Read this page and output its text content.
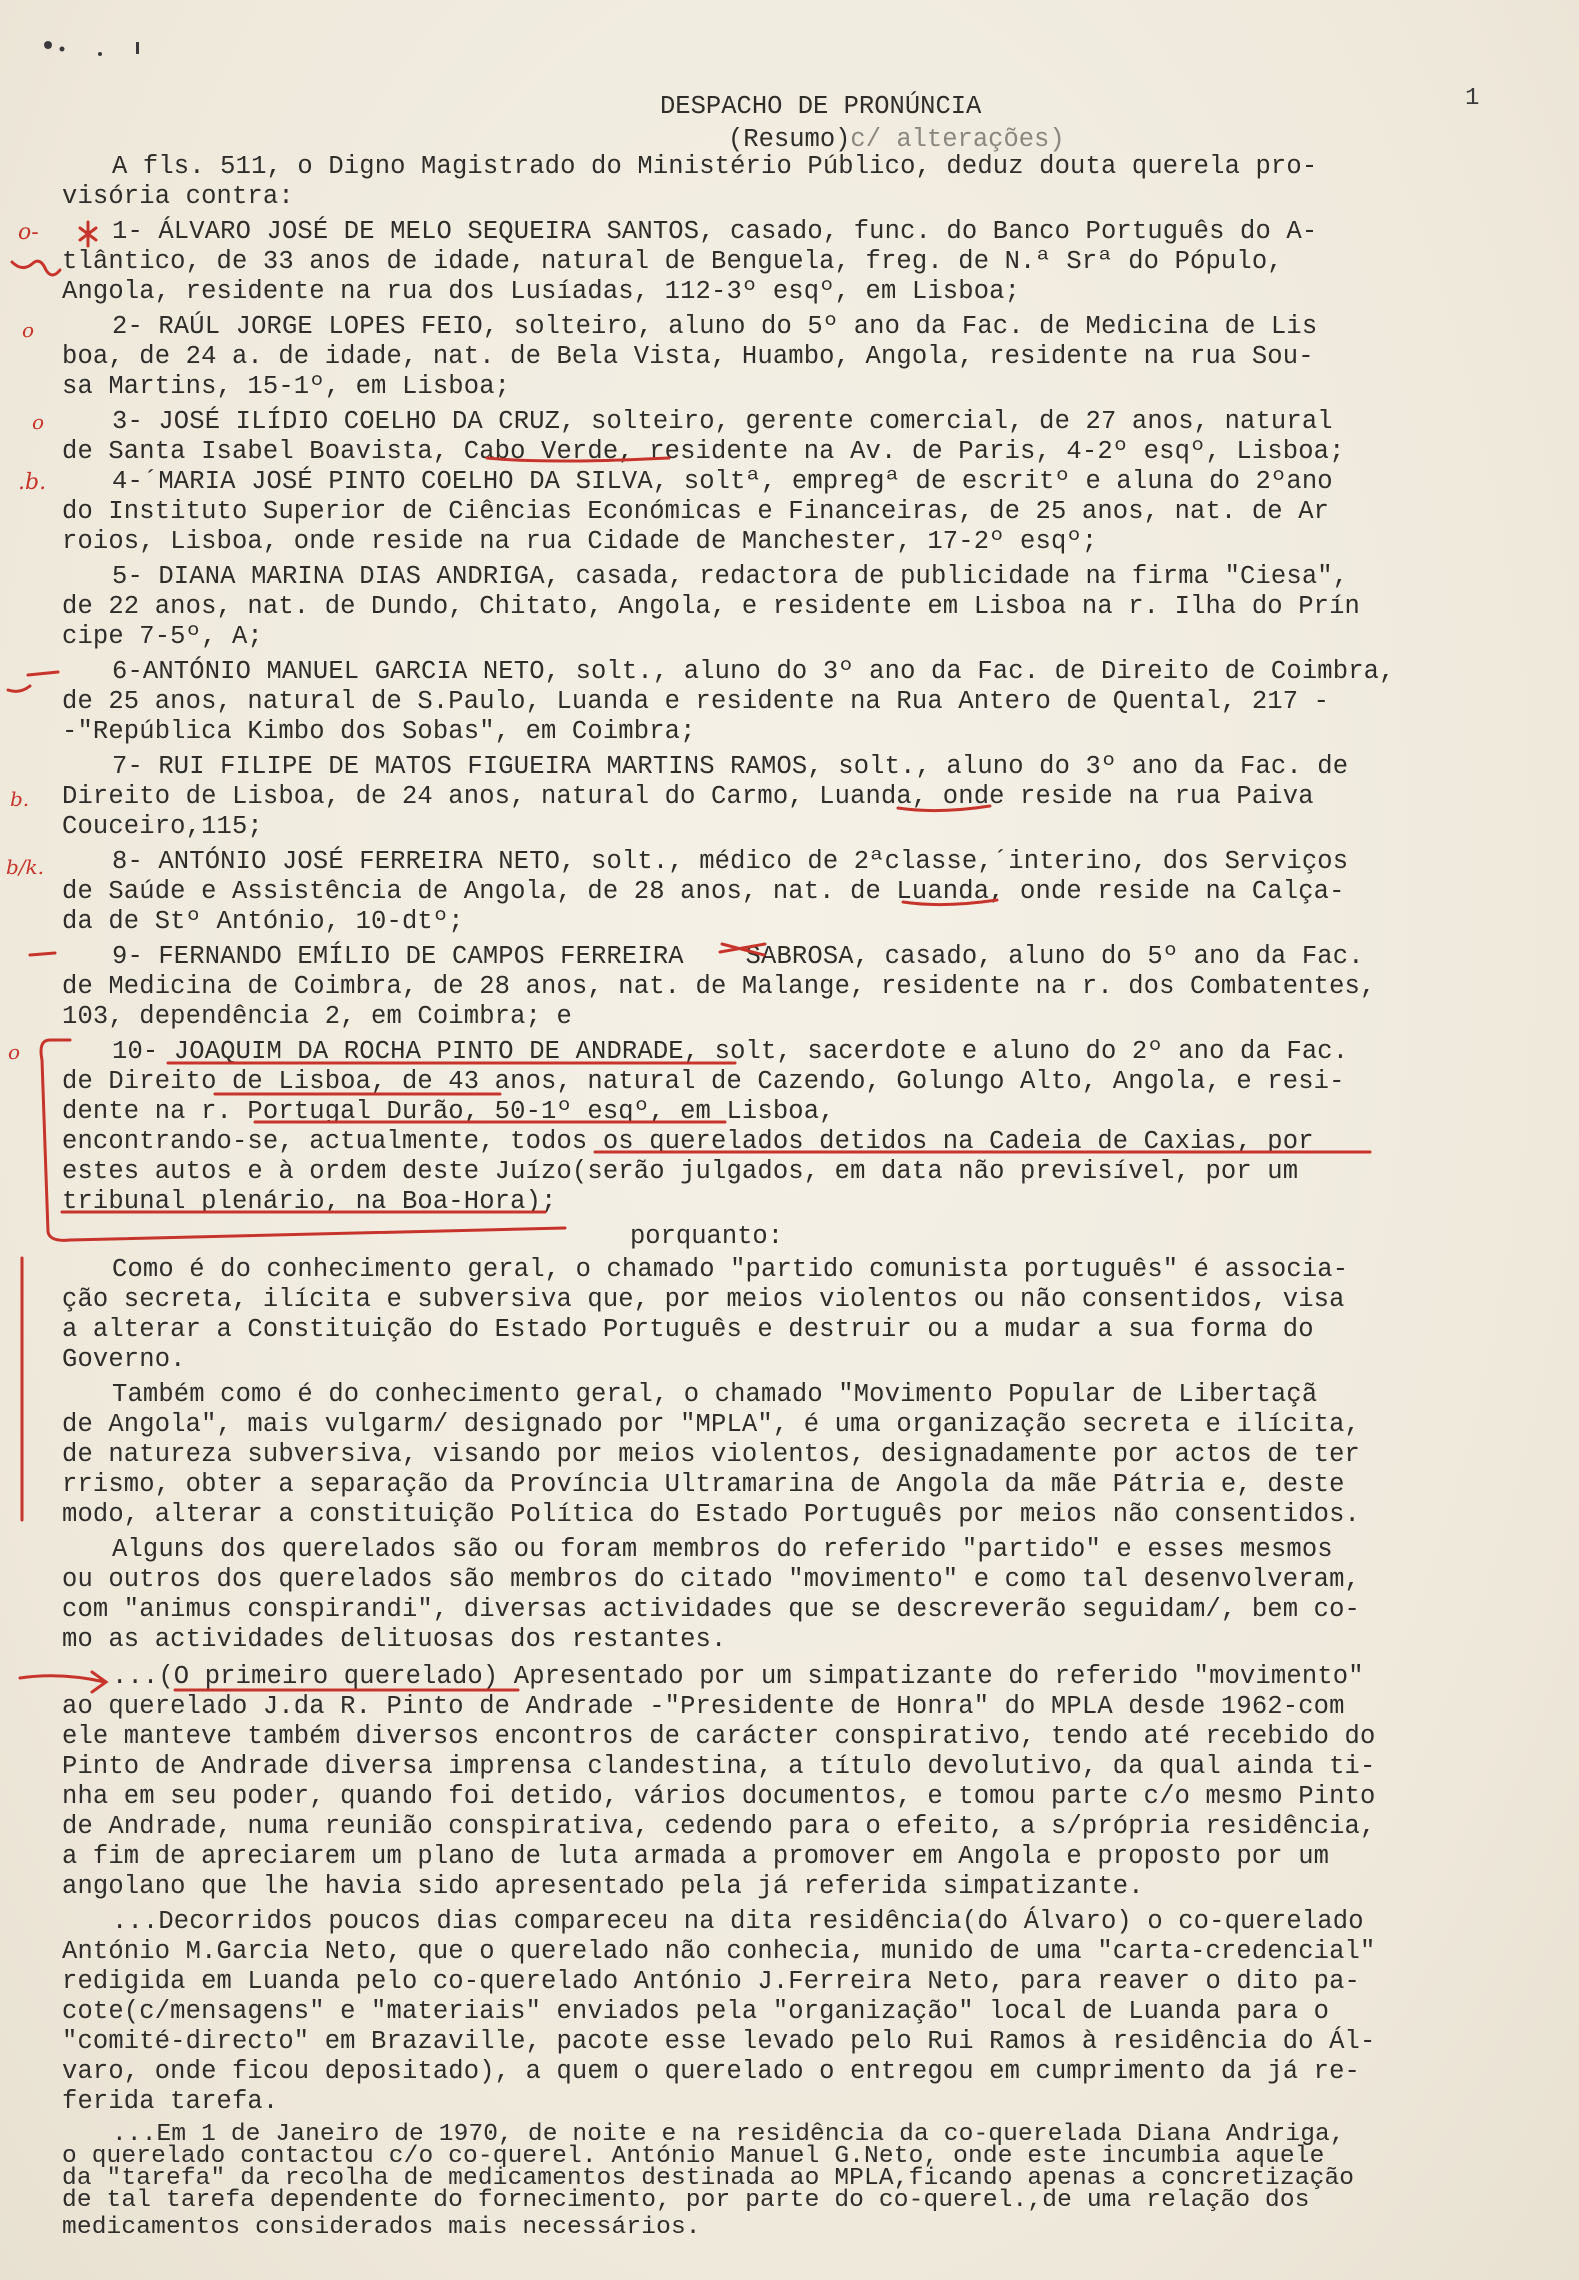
DESPACHO DE PRONÚNCIA
(Resumo)c/ alterações)
1
A fls. 511, o Digno Magistrado do Ministério Público, deduz douta querela pro-
visória contra:
1- ÁLVARO JOSÉ DE MELO SEQUEIRA SANTOS, casado, func. do Banco Português do A-
tlântico, de 33 anos de idade, natural de Benguela, freg. de N.ª Srª do Pópulo,
Angola, residente na rua dos Lusíadas, 112-3º esqº, em Lisboa;
2- RAÚL JORGE LOPES FEIO, solteiro, aluno do 5º ano da Fac. de Medicina de Lis
boa, de 24 a. de idade, nat. de Bela Vista, Huambo, Angola, residente na rua Sou-
sa Martins, 15-1º, em Lisboa;
3- JOSÉ ILÍDIO COELHO DA CRUZ, solteiro, gerente comercial, de 27 anos, natural
de Santa Isabel Boavista, Cabo Verde, residente na Av. de Paris, 4-2º esqº, Lisboa;
4-´MARIA JOSÉ PINTO COELHO DA SILVA, soltª, empregª de escritº e aluna do 2ºano
do Instituto Superior de Ciências Económicas e Financeiras, de 25 anos, nat. de Ar
roios, Lisboa, onde reside na rua Cidade de Manchester, 17-2º esqº;
5- DIANA MARINA DIAS ANDRIGA, casada, redactora de publicidade na firma "Ciesa",
de 22 anos, nat. de Dundo, Chitato, Angola, e residente em Lisboa na r. Ilha do Prín
cipe 7-5º, A;
6-ANTÓNIO MANUEL GARCIA NETO, solt., aluno do 3º ano da Fac. de Direito de Coimbra,
de 25 anos, natural de S.Paulo, Luanda e residente na Rua Antero de Quental, 217 -
-"República Kimbo dos Sobas", em Coimbra;
7- RUI FILIPE DE MATOS FIGUEIRA MARTINS RAMOS, solt., aluno do 3º ano da Fac. de
Direito de Lisboa, de 24 anos, natural do Carmo, Luanda, onde reside na rua Paiva
Couceiro,115;
8- ANTÓNIO JOSÉ FERREIRA NETO, solt., médico de 2ªclasse,´interino, dos Serviços
de Saúde e Assistência de Angola, de 28 anos, nat. de Luanda, onde reside na Calça-
da de Stº António, 10-dtº;
9- FERNANDO EMÍLIO DE CAMPOS FERREIRA    SABROSA, casado, aluno do 5º ano da Fac.
de Medicina de Coimbra, de 28 anos, nat. de Malange, residente na r. dos Combatentes,
103, dependência 2, em Coimbra; e
10- JOAQUIM DA ROCHA PINTO DE ANDRADE, solt, sacerdote e aluno do 2º ano da Fac.
de Direito de Lisboa, de 43 anos, natural de Cazendo, Golungo Alto, Angola, e resi-
dente na r. Portugal Durão, 50-1º esqº, em Lisboa,
encontrando-se, actualmente, todos os querelados detidos na Cadeia de Caxias, por
estes autos e à ordem deste Juízo(serão julgados, em data não previsível, por um
tribunal plenário, na Boa-Hora);
porquanto:
Como é do conhecimento geral, o chamado "partido comunista português" é associa-
ção secreta, ilícita e subversiva que, por meios violentos ou não consentidos, visa
a alterar a Constituição do Estado Português e destruir ou a mudar a sua forma do
Governo.
Também como é do conhecimento geral, o chamado "Movimento Popular de Libertaçã
de Angola", mais vulgarm/ designado por "MPLA", é uma organização secreta e ilícita,
de natureza subversiva, visando por meios violentos, designadamente por actos de ter
rrismo, obter a separação da Província Ultramarina de Angola da mãe Pátria e, deste
modo, alterar a constituição Política do Estado Português por meios não consentidos.
Alguns dos querelados são ou foram membros do referido "partido" e esses mesmos
ou outros dos querelados são membros do citado "movimento" e como tal desenvolveram,
com "animus conspirandi", diversas actividades que se descreverão seguidam/, bem co-
mo as actividades delituosas dos restantes.
...(O primeiro querelado) Apresentado por um simpatizante do referido "movimento"
ao querelado J.da R. Pinto de Andrade -"Presidente de Honra" do MPLA desde 1962-com
ele manteve também diversos encontros de carácter conspirativo, tendo até recebido do
Pinto de Andrade diversa imprensa clandestina, a título devolutivo, da qual ainda ti-
nha em seu poder, quando foi detido, vários documentos, e tomou parte c/o mesmo Pinto
de Andrade, numa reunião conspirativa, cedendo para o efeito, a s/própria residência,
a fim de apreciarem um plano de luta armada a promover em Angola e proposto por um
angolano que lhe havia sido apresentado pela já referida simpatizante.
...Decorridos poucos dias compareceu na dita residência(do Álvaro) o co-querelado
António M.Garcia Neto, que o querelado não conhecia, munido de uma "carta-credencial"
redigida em Luanda pelo co-querelado António J.Ferreira Neto, para reaver o dito pa-
cote(c/mensagens" e "materiais" enviados pela "organização" local de Luanda para o
"comité-directo" em Brazaville, pacote esse levado pelo Rui Ramos à residência do Ál-
varo, onde ficou depositado), a quem o querelado o entregou em cumprimento da já re-
ferida tarefa.
...Em 1 de Janeiro de 1970, de noite e na residência da co-querelada Diana Andriga,
o querelado contactou c/o co-querel. António Manuel G.Neto, onde este incumbia aquele
da "tarefa" da recolha de medicamentos destinada ao MPLA,ficando apenas a concretização
de tal tarefa dependente do fornecimento, por parte do co-querel.,de uma relação dos
medicamentos considerados mais necessários.
o-
o
o
.b.
b.
b/k.
o
